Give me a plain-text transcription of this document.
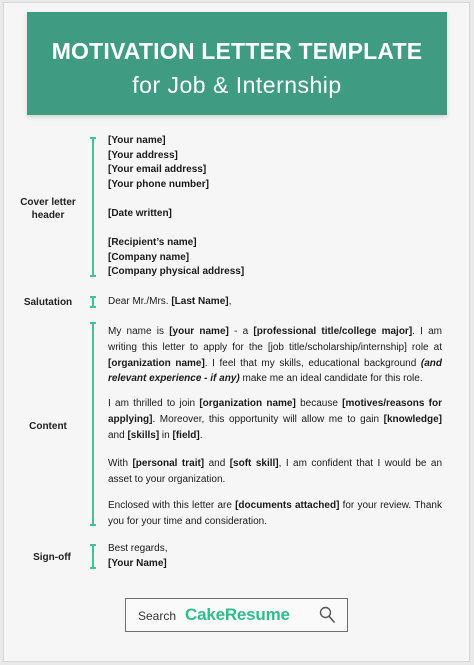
MOTIVATION LETTER TEMPLATE
for Job & Internship
Cover letter
header
[Your name]
[Your address]
[Your email address]
[Your phone number]
[Date written]
[Recipient’s name]
[Company name]
[Company physical address]
Salutation	Dear Mr./Mrs. [Last Name],
Content

My name is [your name] - a [professional title/college major]. I am writing this letter to apply for the [job title/scholarship/internship] role at [organization name]. I feel that my skills, educational background (and relevant experience - if any) make me an ideal candidate for this role.

I am thrilled to join [organization name] because [motives/reasons for applying]. Moreover, this opportunity will allow me to gain [knowledge] and [skills] in [field].

With [personal trait] and [soft skill], I am confident that I would be an asset to your organization.

Enclosed with this letter are [documents attached] for your review. Thank you for your time and consideration.

Sign-off
Best regards,
[Your Name]
Search CakeResume
